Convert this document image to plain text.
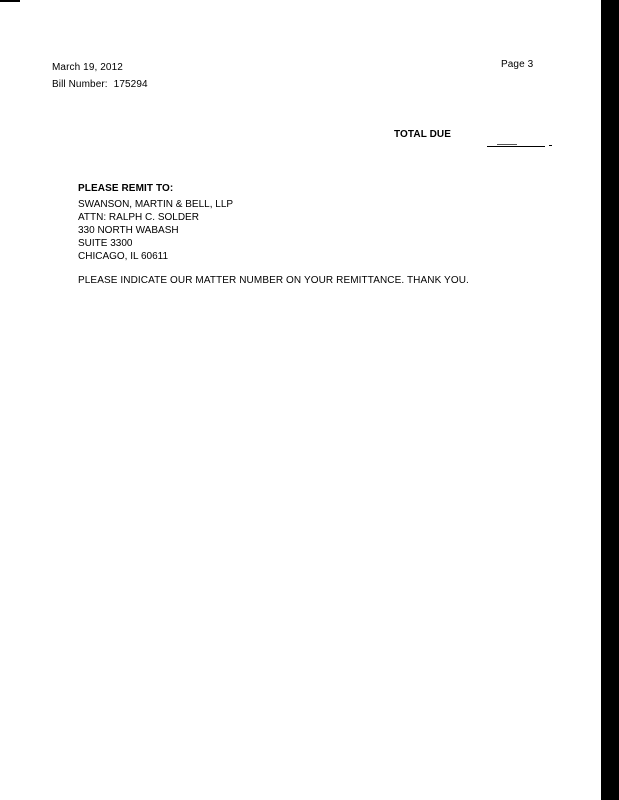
March 19, 2012
Bill Number: 175294
Page 3
TOTAL DUE
PLEASE REMIT TO:
SWANSON, MARTIN & BELL, LLP
ATTN: RALPH C. SOLDER
330 NORTH WABASH
SUITE 3300
CHICAGO, IL 60611
PLEASE INDICATE OUR MATTER NUMBER ON YOUR REMITTANCE. THANK YOU.
